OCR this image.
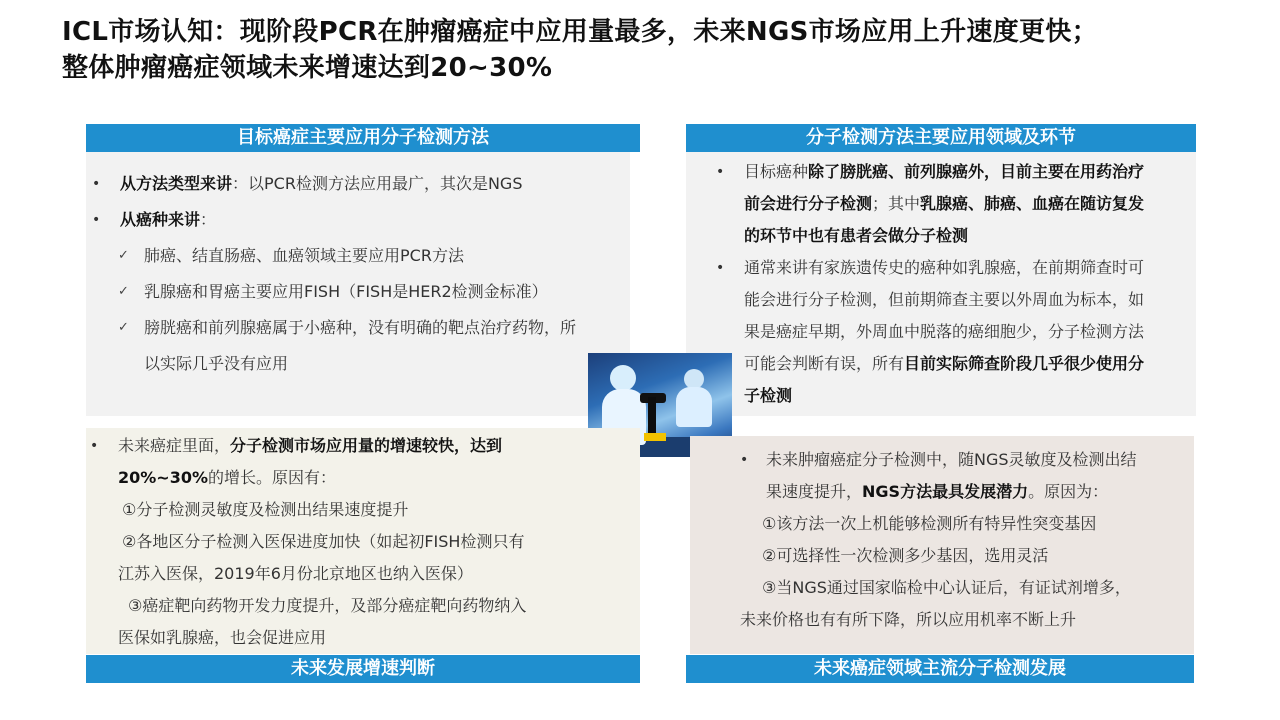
ICL市场认知：现阶段PCR在肿瘤癌症中应用量最多，未来NGS市场应用上升速度更快；
整体肿瘤癌症领域未来增速达到20~30%
目标癌症主要应用分子检测方法
• 从方法类型来讲：以PCR检测方法应用最广，其次是NGS
• 从癌种来讲：
✓ 肺癌、结直肠癌、血癌领域主要应用PCR方法
✓ 乳腺癌和胃癌主要应用FISH（FISH是HER2检测金标准）
✓ 膀胱癌和前列腺癌属于小癌种，没有明确的靶点治疗药物，所
以实际几乎没有应用
分子检测方法主要应用领域及环节
• 目标癌种除了膀胱癌、前列腺癌外，目前主要在用药治疗
前会进行分子检测；其中乳腺癌、肺癌、血癌在随访复发
的环节中也有患者会做分子检测
• 通常来讲有家族遗传史的癌种如乳腺癌，在前期筛查时可
能会进行分子检测，但前期筛查主要以外周血为标本，如
果是癌症早期，外周血中脱落的癌细胞少，分子检测方法
可能会判断有误，所有目前实际筛查阶段几乎很少使用分
子检测
• 未来癌症里面，分子检测市场应用量的增速较快，达到
20%~30%的增长。原因有：
①分子检测灵敏度及检测出结果速度提升
②各地区分子检测入医保进度加快（如起初FISH检测只有
江苏入医保，2019年6月份北京地区也纳入医保）
③癌症靶向药物开发力度提升，及部分癌症靶向药物纳入
医保如乳腺癌，也会促进应用
未来发展增速判断
• 未来肿瘤癌症分子检测中，随NGS灵敏度及检测出结
果速度提升，NGS方法最具发展潜力。原因为：
①该方法一次上机能够检测所有特异性突变基因
②可选择性一次检测多少基因，选用灵活
③当NGS通过国家临检中心认证后，有证试剂增多，
未来价格也有有所下降，所以应用机率不断上升
未来癌症领域主流分子检测发展
